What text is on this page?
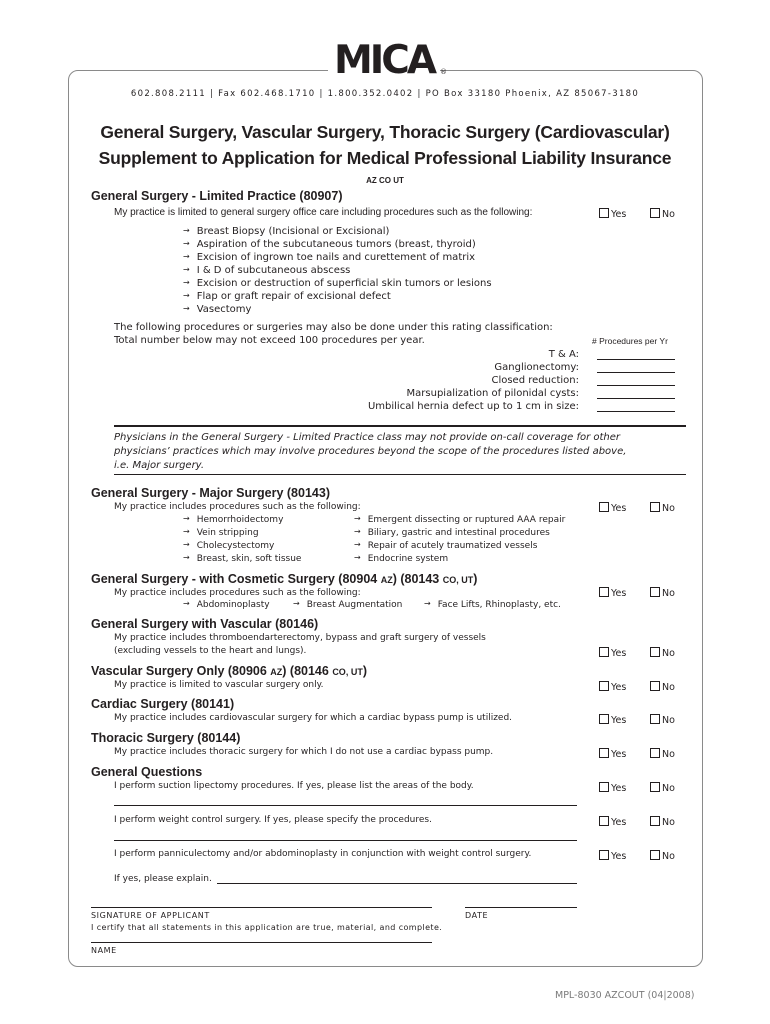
MICA ®
602.808.2111 | Fax 602.468.1710 | 1.800.352.0402 | PO Box 33180 Phoenix, AZ 85067-3180
General Surgery, Vascular Surgery, Thoracic Surgery (Cardiovascular)
Supplement to Application for Medical Professional Liability Insurance
AZ CO UT
General Surgery - Limited Practice (80907)
My practice is limited to general surgery office care including procedures such as the following:	Yes	No
→ Breast Biopsy (Incisional or Excisional)
→ Aspiration of the subcutaneous tumors (breast, thyroid)
→ Excision of ingrown toe nails and curettement of matrix
→ I & D of subcutaneous abscess
→ Excision or destruction of superficial skin tumors or lesions
→ Flap or graft repair of excisional defect
→ Vasectomy
The following procedures or surgeries may also be done under this rating classification:
Total number below may not exceed 100 procedures per year.	# Procedures per Yr
T & A:
Ganglionectomy:
Closed reduction:
Marsupialization of pilonidal cysts:
Umbilical hernia defect up to 1 cm in size:
Physicians in the General Surgery - Limited Practice class may not provide on-call coverage for other
physicians’ practices which may involve procedures beyond the scope of the procedures listed above,
i.e. Major surgery.
General Surgery - Major Surgery (80143)
My practice includes procedures such as the following:	Yes	No
→ Hemorrhoidectomy
→ Vein stripping
→ Cholecystectomy
→ Breast, skin, soft tissue
→ Emergent dissecting or ruptured AAA repair
→ Biliary, gastric and intestinal procedures
→ Repair of acutely traumatized vessels
→ Endocrine system
General Surgery - with Cosmetic Surgery (80904 AZ) (80143 CO, UT)
My practice includes procedures such as the following:	Yes	No
→ Abdominoplasty	→ Breast Augmentation	→ Face Lifts, Rhinoplasty, etc.
General Surgery with Vascular (80146)
My practice includes thromboendarterectomy, bypass and graft surgery of vessels
(excluding vessels to the heart and lungs).	Yes	No
Vascular Surgery Only (80906 AZ) (80146 CO, UT)
My practice is limited to vascular surgery only.	Yes	No
Cardiac Surgery (80141)
My practice includes cardiovascular surgery for which a cardiac bypass pump is utilized.	Yes	No
Thoracic Surgery (80144)
My practice includes thoracic surgery for which I do not use a cardiac bypass pump.	Yes	No
General Questions
I perform suction lipectomy procedures. If yes, please list the areas of the body.	Yes	No
I perform weight control surgery. If yes, please specify the procedures.	Yes	No
I perform panniculectomy and/or abdominoplasty in conjunction with weight control surgery.	Yes	No
If yes, please explain.
SIGNATURE OF APPLICANT	DATE
I certify that all statements in this application are true, material, and complete.
NAME
MPL-8030 AZCOUT (04|2008)
